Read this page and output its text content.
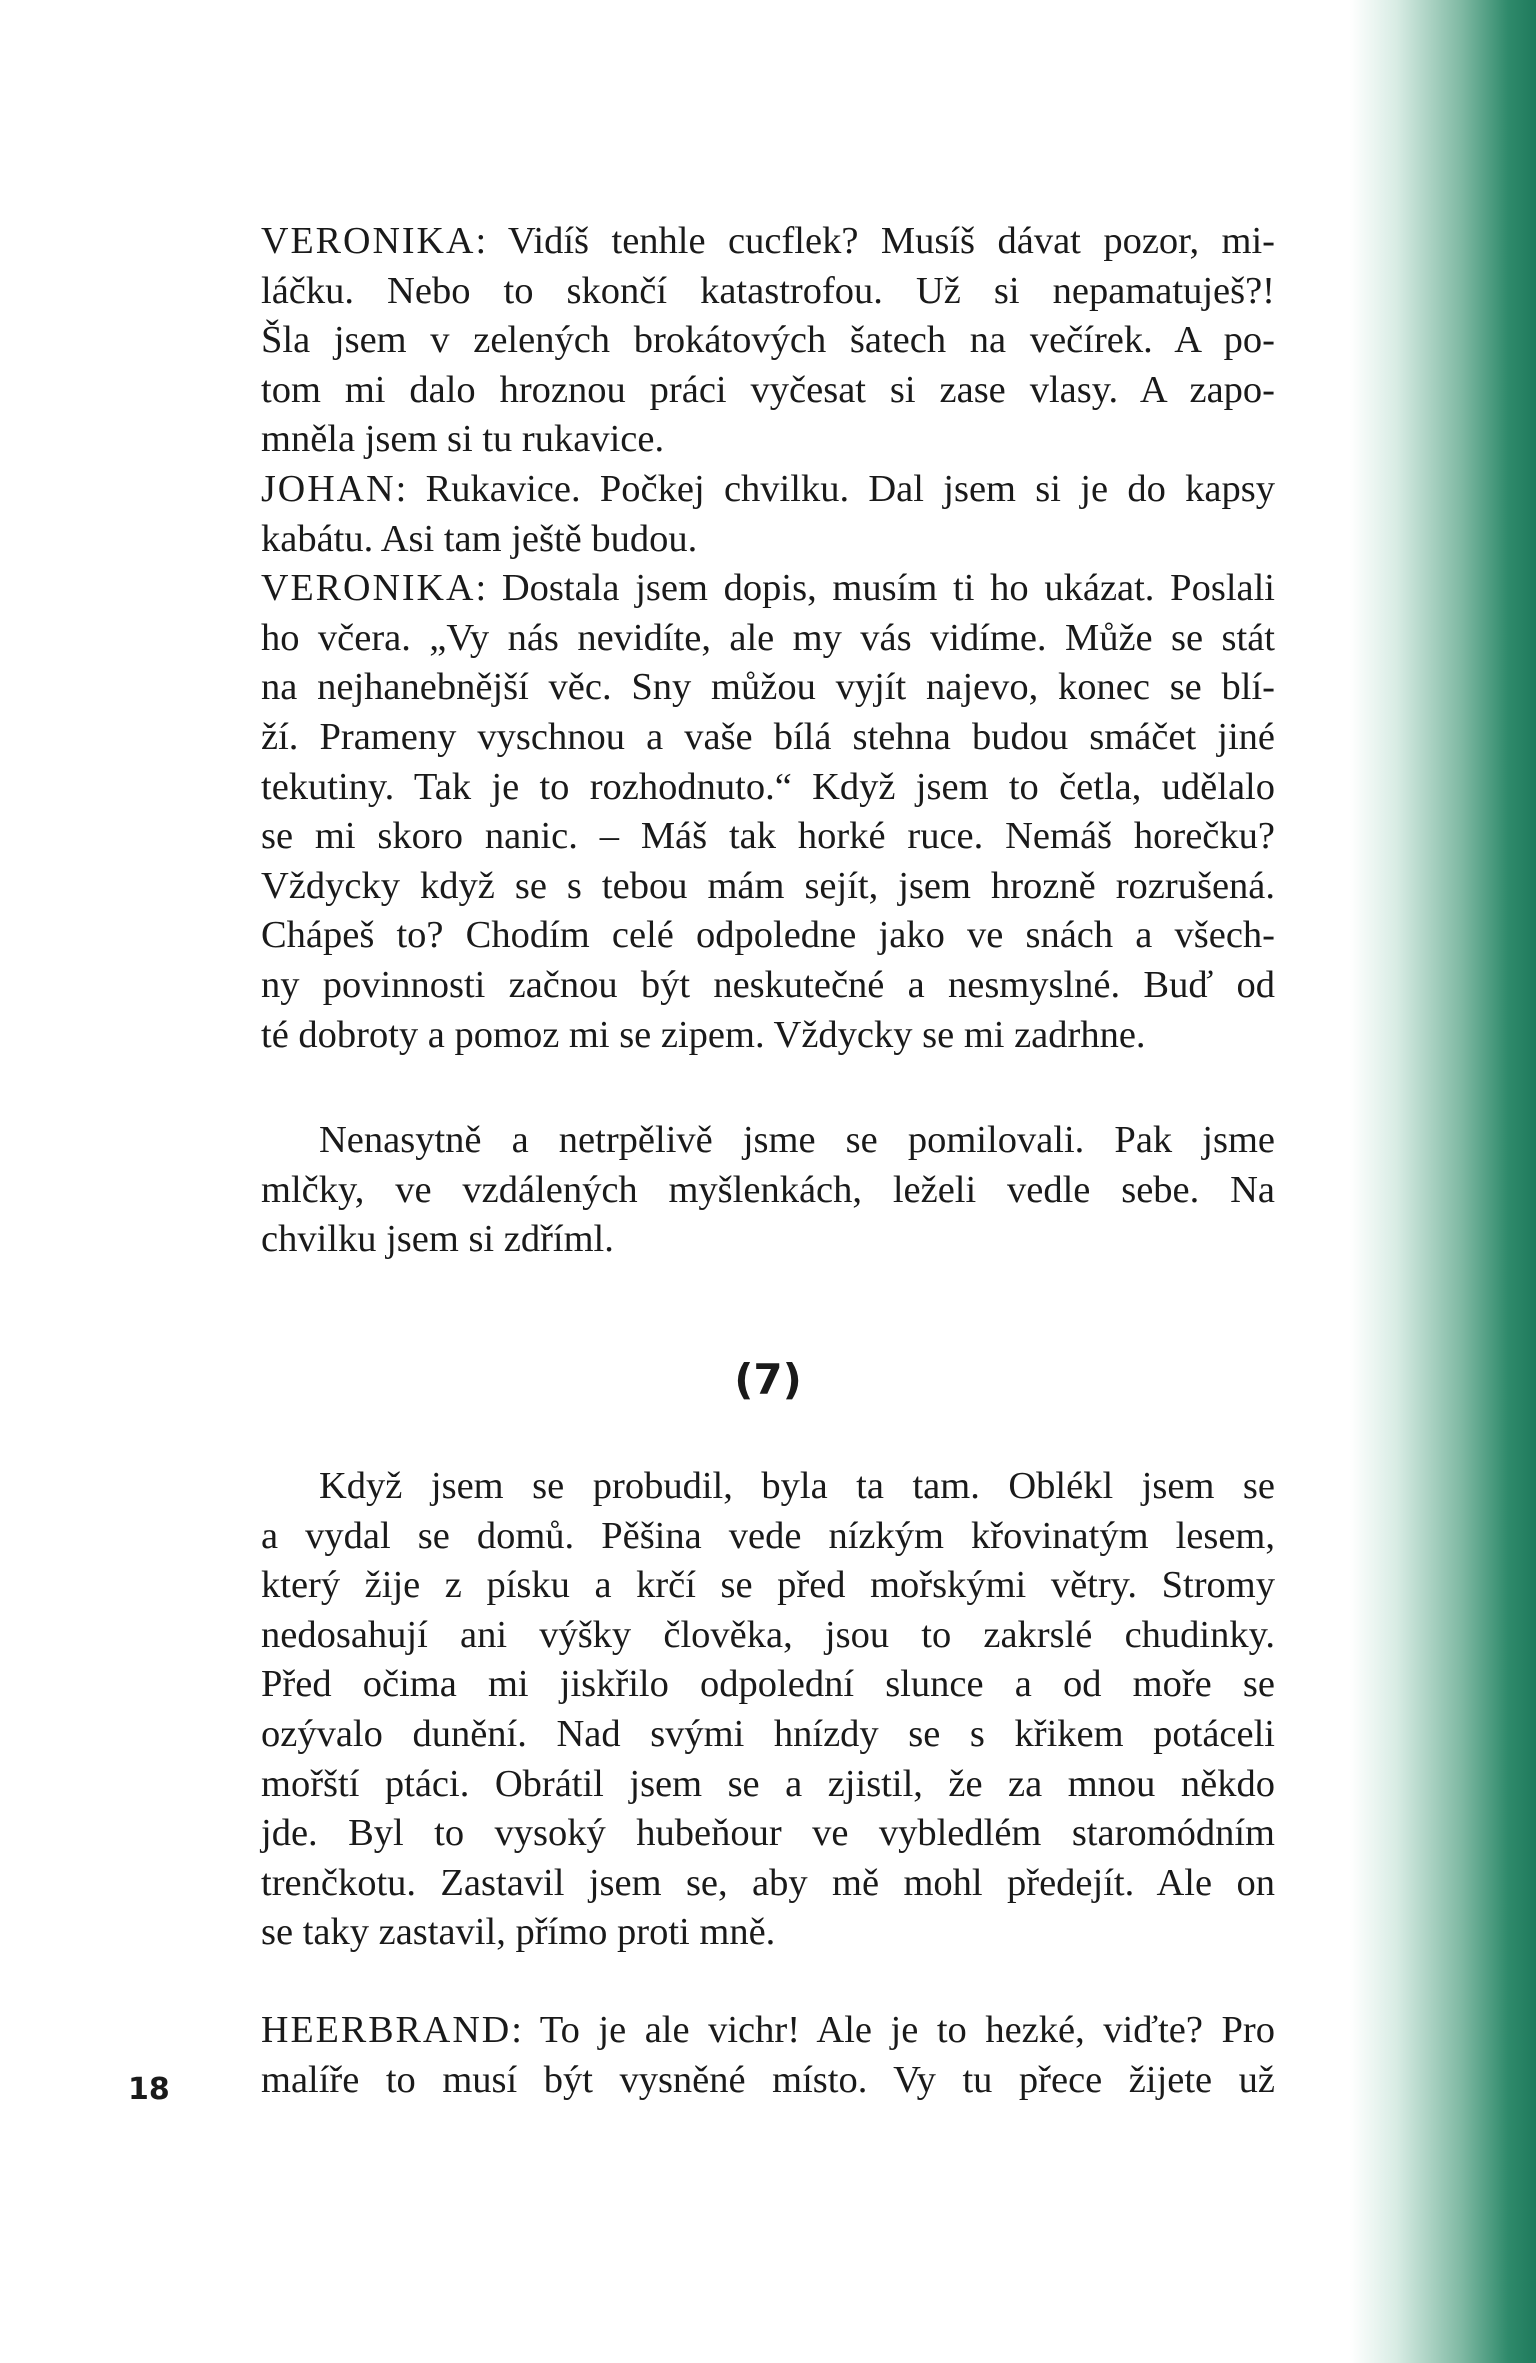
VERONIKA: Vidíš tenhle cucflek? Musíš dávat pozor, mi-
láčku. Nebo to skončí katastrofou. Už si nepamatuješ?!
Šla jsem v zelených brokátových šatech na večírek. A po-
tom mi dalo hroznou práci vyčesat si zase vlasy. A zapo-
mněla jsem si tu rukavice.
JOHAN: Rukavice. Počkej chvilku. Dal jsem si je do kapsy
kabátu. Asi tam ještě budou.
VERONIKA: Dostala jsem dopis, musím ti ho ukázat. Poslali
ho včera. „Vy nás nevidíte, ale my vás vidíme. Může se stát
na nejhanebnější věc. Sny můžou vyjít najevo, konec se blí-
ží. Prameny vyschnou a vaše bílá stehna budou smáčet jiné
tekutiny. Tak je to rozhodnuto.“ Když jsem to četla, udělalo
se mi skoro nanic. – Máš tak horké ruce. Nemáš horečku?
Vždycky když se s tebou mám sejít, jsem hrozně rozrušená.
Chápeš to? Chodím celé odpoledne jako ve snách a všech-
ny povinnosti začnou být neskutečné a nesmyslné. Buď od
té dobroty a pomoz mi se zipem. Vždycky se mi zadrhne.
Nenasytně a netrpělivě jsme se pomilovali. Pak jsme
mlčky, ve vzdálených myšlenkách, leželi vedle sebe. Na
chvilku jsem si zdříml.
(7)
Když jsem se probudil, byla ta tam. Oblékl jsem se
a vydal se domů. Pěšina vede nízkým křovinatým lesem,
který žije z písku a krčí se před mořskými větry. Stromy
nedosahují ani výšky člověka, jsou to zakrslé chudinky.
Před očima mi jiskřilo odpolední slunce a od moře se
ozývalo dunění. Nad svými hnízdy se s křikem potáceli
mořští ptáci. Obrátil jsem se a zjistil, že za mnou někdo
jde. Byl to vysoký hubeňour ve vybledlém staromódním
trenčkotu. Zastavil jsem se, aby mě mohl předejít. Ale on
se taky zastavil, přímo proti mně.
HEERBRAND: To je ale vichr! Ale je to hezké, viďte? Pro
malíře to musí být vysněné místo. Vy tu přece žijete už
18
